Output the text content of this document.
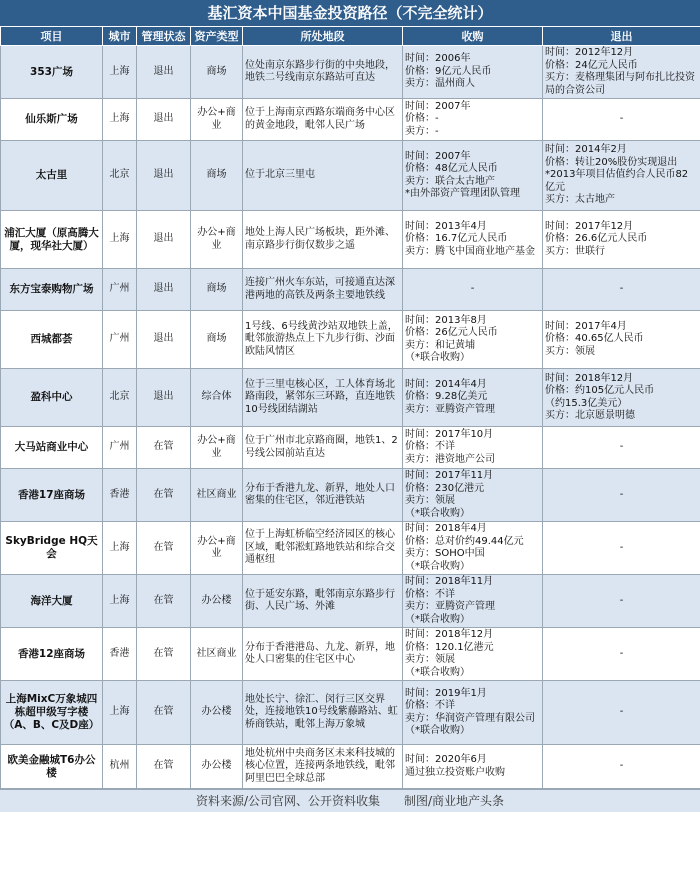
基汇资本中国基金投资路径（不完全统计）
项目	城市	管理状态	资产类型	所处地段	收购	退出
353广场	上海	退出	商场	位处南京东路步行街的中央地段，地铁二号线南京东路站可直达	时间：2006年
价格：9亿元人民币
卖方：温州商人	时间：2012年12月
价格：24亿元人民币
买方：麦格理集团与阿布扎比投资局的合资公司

仙乐斯广场	上海	退出	办公+商业	位于上海南京西路东端商务中心区的黄金地段，毗邻人民广场	时间：2007年
价格：-
卖方：-	-

太古里	北京	退出	商场	位于北京三里屯	时间：2007年
价格：48亿元人民币
卖方：联合太古地产
*由外部资产管理团队管理	时间：2014年2月
价格：转让20%股份实现退出
*2013年项目估值约合人民币82亿元
买方：太古地产

浦汇大厦（原高腾大厦，现华社大厦）	上海	退出	办公+商业	地处上海人民广场板块，距外滩、南京路步行街仅数步之遥	时间：2013年4月
价格：16.7亿元人民币
卖方：腾飞中国商业地产基金	时间：2017年12月
价格：26.6亿元人民币
买方：世联行

东方宝泰购物广场	广州	退出	商场	连接广州火车东站，可接通直达深港两地的高铁及两条主要地铁线	-	-

西城都荟	广州	退出	商场	1号线、6号线黄沙站双地铁上盖，毗邻旅游热点上下九步行街、沙面欧陆风情区	时间：2013年8月
价格：26亿元人民币
卖方：和记黄埔
（*联合收购）	时间：2017年4月
价格：40.65亿人民币
买方：领展

盈科中心	北京	退出	综合体	位于三里屯核心区，工人体育场北路南段，紧邻东三环路，直连地铁10号线团结湖站	时间：2014年4月
价格：9.28亿美元
卖方：亚腾资产管理	时间：2018年12月
价格：约105亿元人民币
（约15.3亿美元）
买方：北京愿景明德

大马站商业中心	广州	在管	办公+商业	位于广州市北京路商圈，地铁1、2号线公园前站直达	时间：2017年10月
价格：不详
卖方：港资地产公司	-

香港17座商场	香港	在管	社区商业	分布于香港九龙、新界，地处人口密集的住宅区，邻近港铁站	时间：2017年11月
价格：230亿港元
卖方：领展
（*联合收购）	-

SkyBridge HQ天会	上海	在管	办公+商业	位于上海虹桥临空经济园区的核心区域，毗邻淞虹路地铁站和综合交通枢纽	时间：2018年4月
价格：总对价约49.44亿元
卖方：SOHO中国
（*联合收购）	-

海洋大厦	上海	在管	办公楼	位于延安东路，毗邻南京东路步行街、人民广场、外滩	时间：2018年11月
价格：不详
卖方：亚腾资产管理
（*联合收购）	-

香港12座商场	香港	在管	社区商业	分布于香港港岛、九龙、新界，地处人口密集的住宅区中心	时间：2018年12月
价格：120.1亿港元
卖方：领展
（*联合收购）	-

上海MixC万象城四栋超甲级写字楼（A、B、C及D座）	上海	在管	办公楼	地处长宁、徐汇、闵行三区交界处，连接地铁10号线紫藤路站、虹桥商铁站，毗邻上海万象城	时间：2019年1月
价格：不详
卖方：华润资产管理有限公司
（*联合收购）	-

欧美金融城T6办公楼	杭州	在管	办公楼	地处杭州中央商务区未来科技城的核心位置，连接两条地铁线，毗邻阿里巴巴全球总部	时间：2020年6月
通过独立投资账户收购	-
资料来源/公司官网、公开资料收集　　制图/商业地产头条
